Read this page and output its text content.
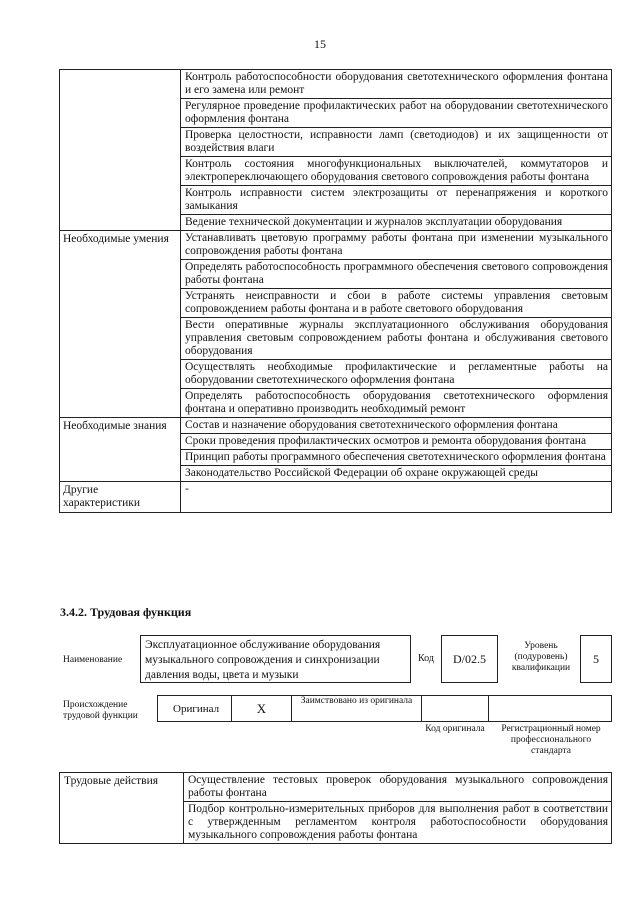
15
	Контроль работоспособности оборудования светотехнического оформления фонтана и его замена или ремонт
	Регулярное проведение профилактических работ на оборудовании светотехнического оформления фонтана
	Проверка целостности, исправности ламп (светодиодов) и их защищенности от воздействия влаги
	Контроль состояния многофункциональных выключателей, коммутаторов и электропереключающего оборудования светового сопровождения работы фонтана
	Контроль исправности систем электрозащиты от перенапряжения и короткого замыкания
	Ведение технической документации и журналов эксплуатации оборудования
Необходимые умения	Устанавливать цветовую программу работы фонтана при изменении музыкального сопровождения работы фонтана
	Определять работоспособность программного обеспечения светового сопровождения работы фонтана
	Устранять неисправности и сбои в работе системы управления световым сопровождением работы фонтана и в работе светового оборудования
	Вести оперативные журналы эксплуатационного обслуживания оборудования управления световым сопровождением работы фонтана и обслуживания светового оборудования
	Осуществлять необходимые профилактические и регламентные работы на оборудовании светотехнического оформления фонтана
	Определять работоспособность оборудования светотехнического оформления фонтана и оперативно производить необходимый ремонт
Необходимые знания	Состав и назначение оборудования светотехнического оформления фонтана
	Сроки проведения профилактических осмотров и ремонта оборудования фонтана
	Принцип работы программного обеспечения светотехнического оформления фонтана
	Законодательство Российской Федерации об охране окружающей среды
Другие характеристики	-
3.4.2. Трудовая функция
Наименование
Эксплуатационное обслуживание оборудования музыкального сопровождения и синхронизации давления воды, цвета и музыки
Код	D/02.5
Уровень (подуровень) квалификации
5
Происхождение трудовой функции
Оригинал	X	Заимствовано из оригинала		
Код оригинала	Регистрационный номер профессионального стандарта
Трудовые действия	Осуществление тестовых проверок оборудования музыкального сопровождения работы фонтана
Подбор контрольно-измерительных приборов для выполнения работ в соответствии с утвержденным регламентом контроля работоспособности оборудования музыкального сопровождения работы фонтана
